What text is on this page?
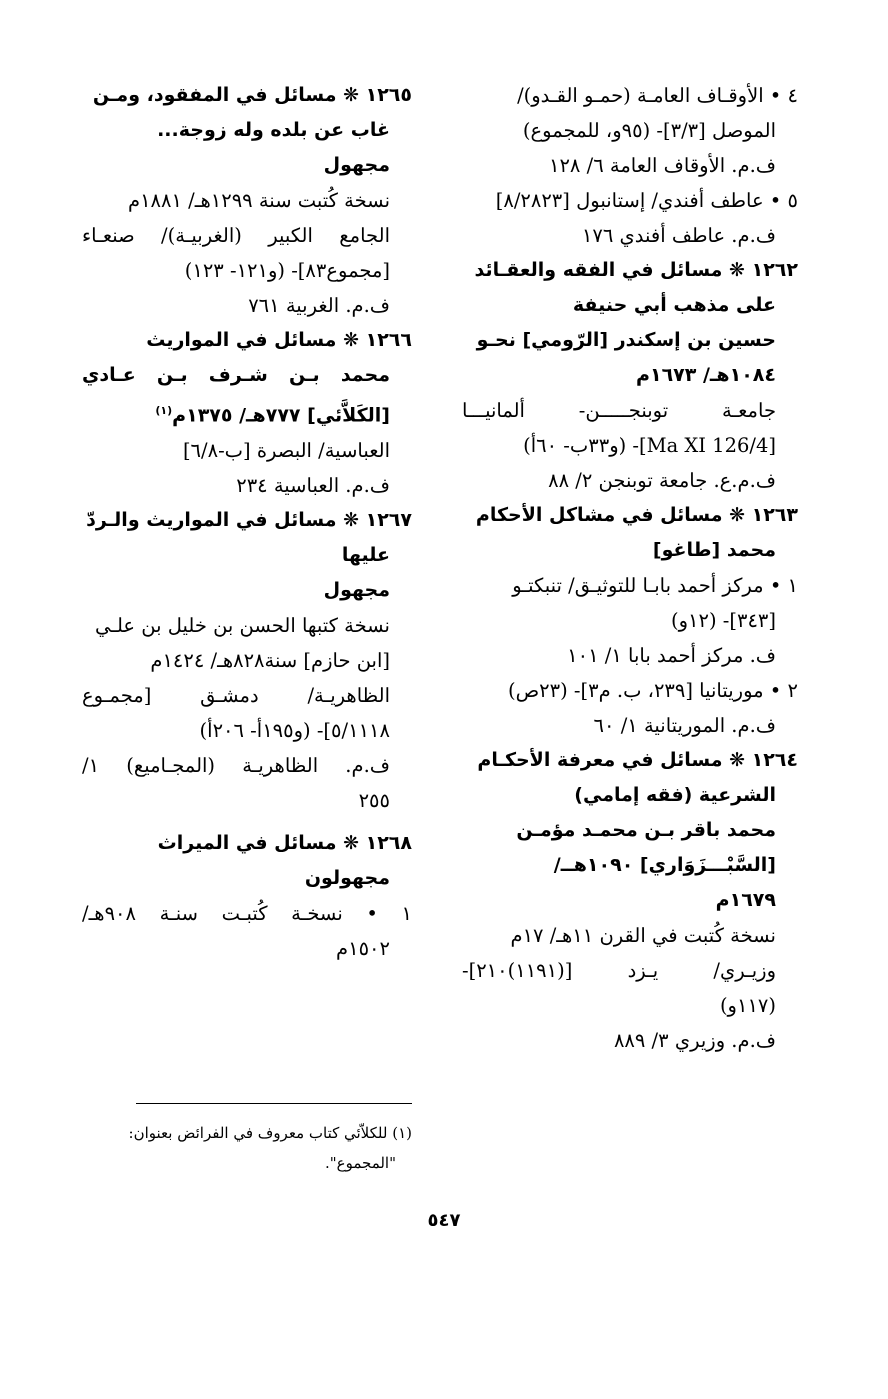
٤ • الأوقـاف العامـة (حمـو القـدو)/
الموصل [٣/٣]- (٩٥و، للمجموع)
ف.م. الأوقاف العامة ٦/ ١٢٨
٥ • عاطف أفندي/ إستانبول [٨/٢٨٢٣]
ف.م. عاطف أفندي ١٧٦
١٢٦٢ ❋ مسائل في الفقه والعقـائد
على مذهب أبي حنيفة
حسين بن إسكندر [الرّومي] نحـو
١٠٨٤هـ/ ١٦٧٣م
جامعـة توبنجـــــن- ألمانيـــا
[Ma XI 126/4]- (و٣٣ب- ٦٠أ)
ف.م.ع. جامعة توبنجن ٢/ ٨٨
١٢٦٣ ❋ مسائل في مشاكل الأحكام
محمد [طاغو]
١ • مركز أحمد بابـا للتوثيـق/ تنبكتـو
[٣٤٣]- (١٢و)
ف. مركز أحمد بابا ١/ ١٠١
٢ • موريتانيا [٢٣٩، ب. م٣]- (٢٣ص)
ف.م. الموريتانية ١/ ٦٠
١٢٦٤ ❋ مسائل في معرفة الأحكـام
الشرعية (فقه إمامي)
محمد باقر بـن محمـد مؤمـن
[السَّبْـــزَوَاري] ١٠٩٠هــ/
١٦٧٩م
نسخة كُتبت في القرن ١١هـ/ ١٧م
وزيـري/ يـزد [(١١٩١)٢١٠]-
(١١٧و)
ف.م. وزيري ٣/ ٨٨٩
١٢٦٥ ❋ مسائل في المفقود، ومـن
غاب عن بلده وله زوجة...
مجهول
نسخة كُتبت سنة ١٢٩٩هـ/ ١٨٨١م
الجامع الكبير (الغربيـة)/ صنعـاء
[مجموع٨٣]- (و١٢١- ١٢٣)
ف.م. الغربية ٧٦١
١٢٦٦ ❋ مسائل في المواريث
محمد بـن شـرف بـن عـادي
[الكَلاَّئي] ٧٧٧هـ/ ١٣٧٥م$^{(١)}$
العباسية/ البصرة [ب-٦/٨]
ف.م. العباسية ٢٣٤
١٢٦٧ ❋ مسائل في المواريث والـردّ
عليها
مجهول
نسخة كتبها الحسن بن خليل بن علـي
[ابن حازم] سنة٨٢٨هـ/ ١٤٢٤م
الظاهريـة/ دمشـق [مجمـوع
٥/١١١٨]- (و١٩٥أ- ٢٠٦أ)
ف.م. الظاهريـة (المجـاميع) ١/
٢٥٥
١٢٦٨ ❋ مسائل في الميراث
مجهولون
١ • نسخـة كُتبـت سنـة ٩٠٨هـ/
١٥٠٢م
(١) للكلاّئي كتاب معروف في الفرائض بعنوان:
"المجموع".
٥٤٧
